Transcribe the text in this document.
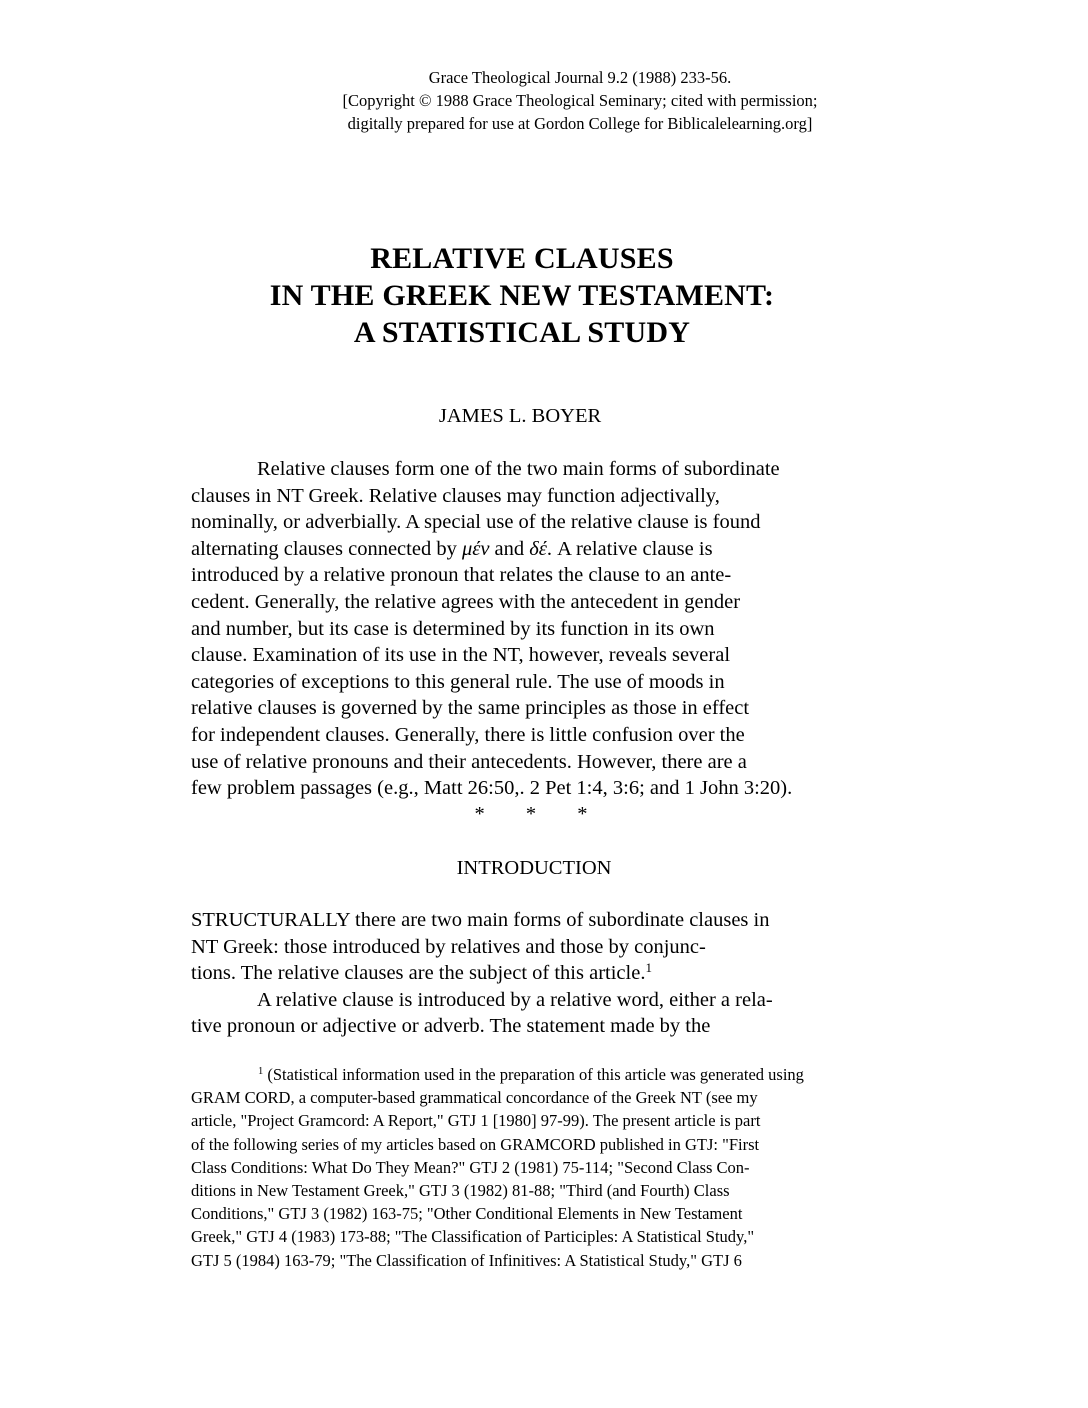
Grace Theological Journal 9.2 (1988) 233-56.
[Copyright © 1988 Grace Theological Seminary; cited with permission;
digitally prepared for use at Gordon College for Biblicalelearning.org]
RELATIVE CLAUSES
IN THE GREEK NEW TESTAMENT:
A STATISTICAL STUDY
JAMES L. BOYER
Relative clauses form one of the two main forms of subordinate
clauses in NT Greek. Relative clauses may function adjectivally,
nominally, or adverbially. A special use of the relative clause is found
alternating clauses connected by μέν and δέ. A relative clause is
introduced by a relative pronoun that relates the clause to an ante-
cedent. Generally, the relative agrees with the antecedent in gender
and number, but its case is determined by its function in its own
clause. Examination of its use in the NT, however, reveals several
categories of exceptions to this general rule. The use of moods in
relative clauses is governed by the same principles as those in effect
for independent clauses. Generally, there is little confusion over the
use of relative pronouns and their antecedents. However, there are a
few problem passages (e.g., Matt 26:50,. 2 Pet 1:4, 3:6; and 1 John 3:20).
* * *
INTRODUCTION
STRUCTURALLY there are two main forms of subordinate clauses in
NT Greek: those introduced by relatives and those by conjunc-
tions. The relative clauses are the subject of this article.$^1$
A relative clause is introduced by a relative word, either a rela-
tive pronoun or adjective or adverb. The statement made by the
$^1$ (Statistical information used in the preparation of this article was generated using
GRAM CORD, a computer-based grammatical concordance of the Greek NT (see my
article, "Project Gramcord: A Report," GTJ 1 [1980] 97-99). The present article is part
of the following series of my articles based on GRAMCORD published in GTJ: "First
Class Conditions: What Do They Mean?" GTJ 2 (1981) 75-114; "Second Class Con-
ditions in New Testament Greek," GTJ 3 (1982) 81-88; "Third (and Fourth) Class
Conditions," GTJ 3 (1982) 163-75; "Other Conditional Elements in New Testament
Greek," GTJ 4 (1983) 173-88; "The Classification of Participles: A Statistical Study,"
GTJ 5 (1984) 163-79; "The Classification of Infinitives: A Statistical Study," GTJ 6
